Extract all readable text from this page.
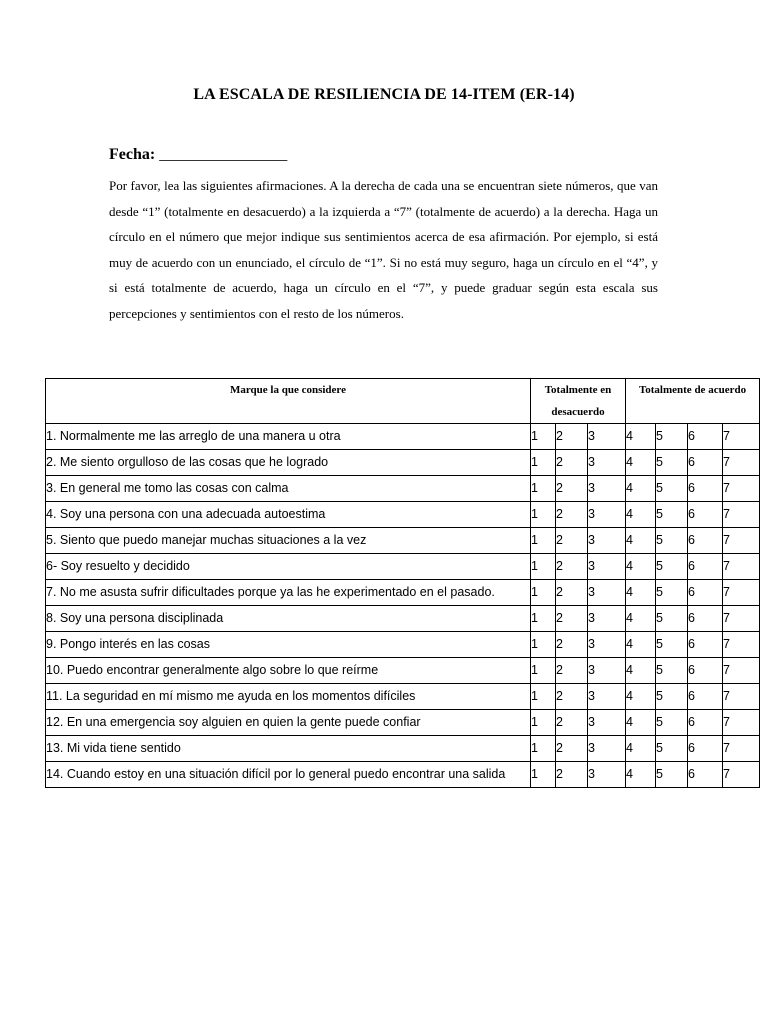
LA ESCALA DE RESILIENCIA DE 14-ITEM (ER-14)
Fecha: ________________
Por favor, lea las siguientes afirmaciones. A la derecha de cada una se encuentran siete números, que van desde “1” (totalmente en desacuerdo) a la izquierda a “7” (totalmente de acuerdo) a la derecha. Haga un círculo en el número que mejor indique sus sentimientos acerca de esa afirmación. Por ejemplo, si está muy de acuerdo con un enunciado, el círculo de “1”. Si no está muy seguro, haga un círculo en el “4”, y si está totalmente de acuerdo, haga un círculo en el “7”, y puede graduar según esta escala sus percepciones y sentimientos con el resto de los números.
Marque la que considere	Totalmente en desacuerdo			Totalmente de acuerdo			
1. Normalmente me las arreglo de una manera u otra	1	2	3	4	5	6	7
2. Me siento orgulloso de las cosas que he logrado	1	2	3	4	5	6	7
3. En general me tomo las cosas con calma	1	2	3	4	5	6	7
4. Soy una persona con una adecuada autoestima	1	2	3	4	5	6	7
5. Siento que puedo manejar muchas situaciones a la vez	1	2	3	4	5	6	7
6- Soy resuelto y decidido	1	2	3	4	5	6	7
7. No me asusta sufrir dificultades porque ya las he experimentado en el pasado.	1	2	3	4	5	6	7
8. Soy una persona disciplinada	1	2	3	4	5	6	7
9. Pongo interés en las cosas	1	2	3	4	5	6	7
10. Puedo encontrar generalmente algo sobre lo que reírme	1	2	3	4	5	6	7
11. La seguridad en mí mismo me ayuda en los momentos difíciles	1	2	3	4	5	6	7
12. En una emergencia soy alguien en quien la gente puede confiar	1	2	3	4	5	6	7
13. Mi vida tiene sentido	1	2	3	4	5	6	7
14. Cuando estoy en una situación difícil por lo general puedo encontrar una salida	1	2	3	4	5	6	7
